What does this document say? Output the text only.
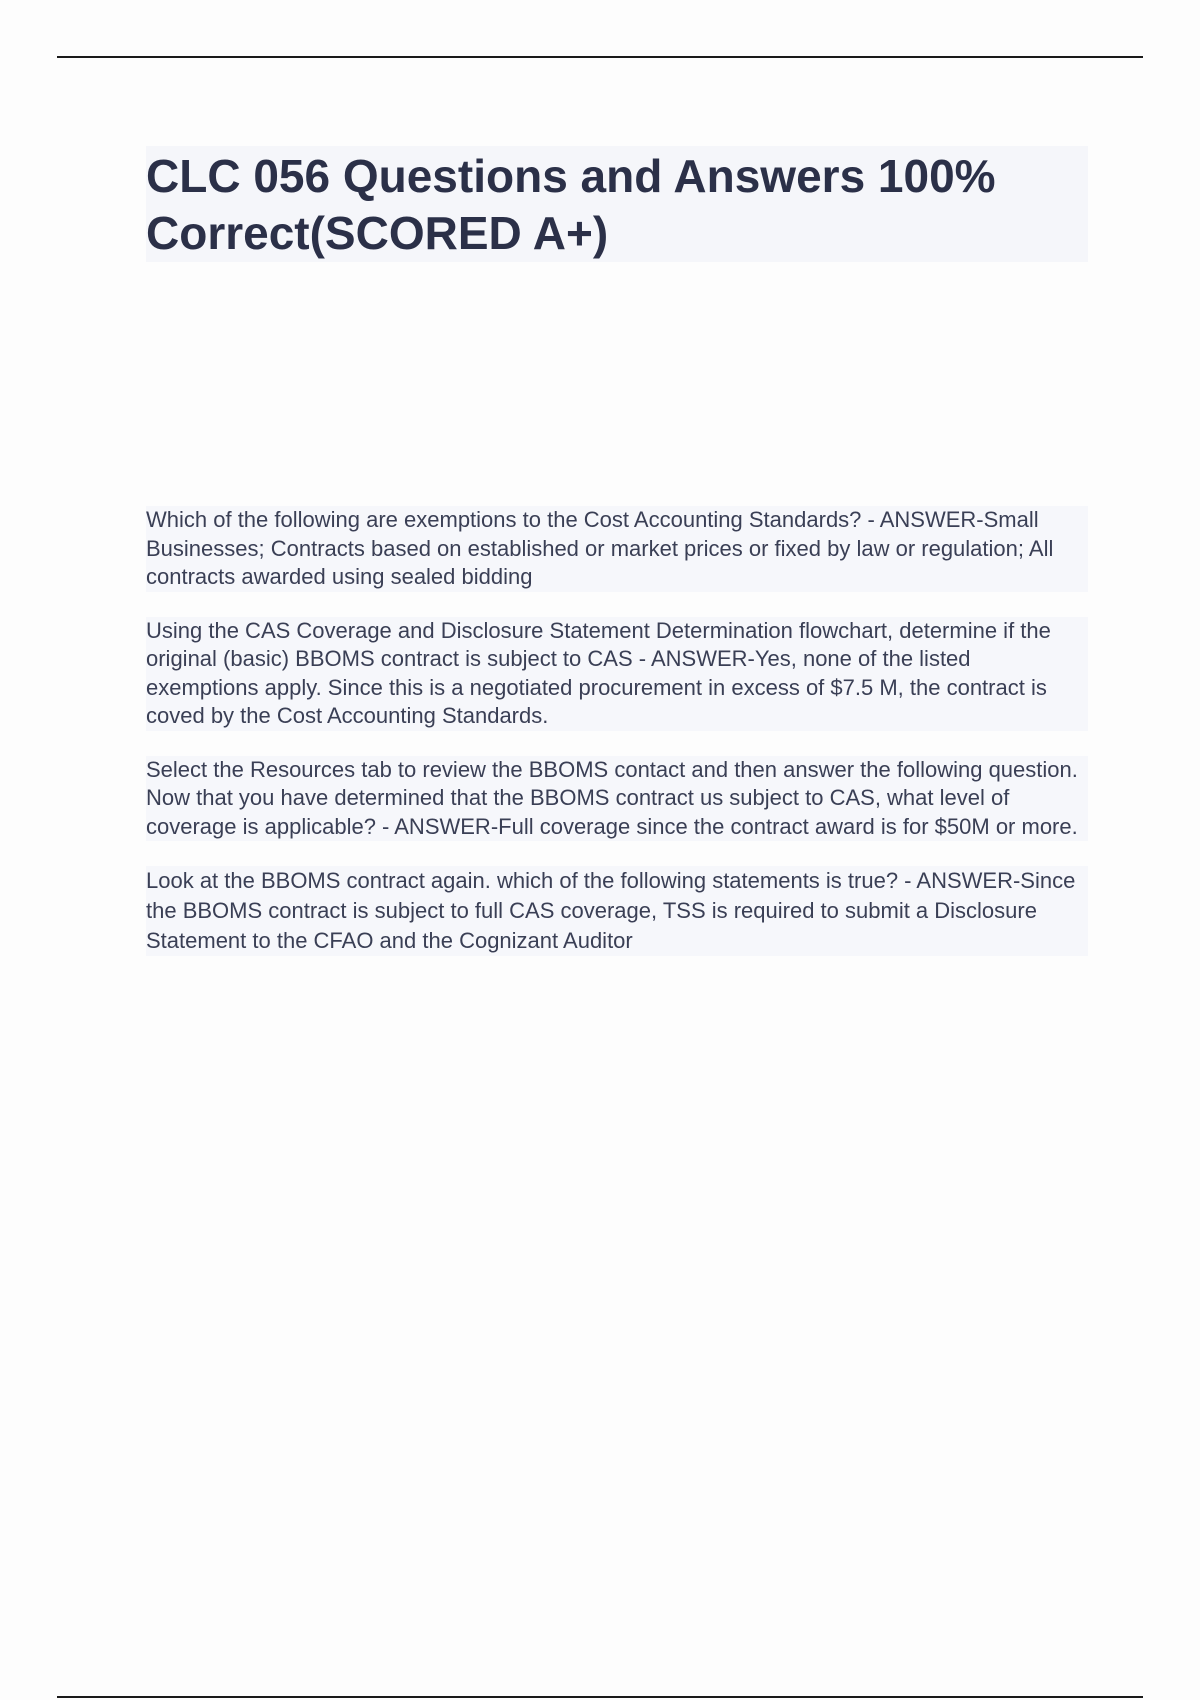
CLC 056 Questions and Answers 100% Correct(SCORED A+)

Which of the following are exemptions to the Cost Accounting Standards? - ANSWER-Small Businesses; Contracts based on established or market prices or fixed by law or regulation; All contracts awarded using sealed bidding

Using the CAS Coverage and Disclosure Statement Determination flowchart, determine if the original (basic) BBOMS contract is subject to CAS - ANSWER-Yes, none of the listed exemptions apply. Since this is a negotiated procurement in excess of $7.5 M, the contract is coved by the Cost Accounting Standards.

Select the Resources tab to review the BBOMS contact and then answer the following question. Now that you have determined that the BBOMS contract us subject to CAS, what level of coverage is applicable? - ANSWER-Full coverage since the contract award is for $50M or more.

Look at the BBOMS contract again. which of the following statements is true? - ANSWER-Since the BBOMS contract is subject to full CAS coverage, TSS is required to submit a Disclosure Statement to the CFAO and the Cognizant Auditor
